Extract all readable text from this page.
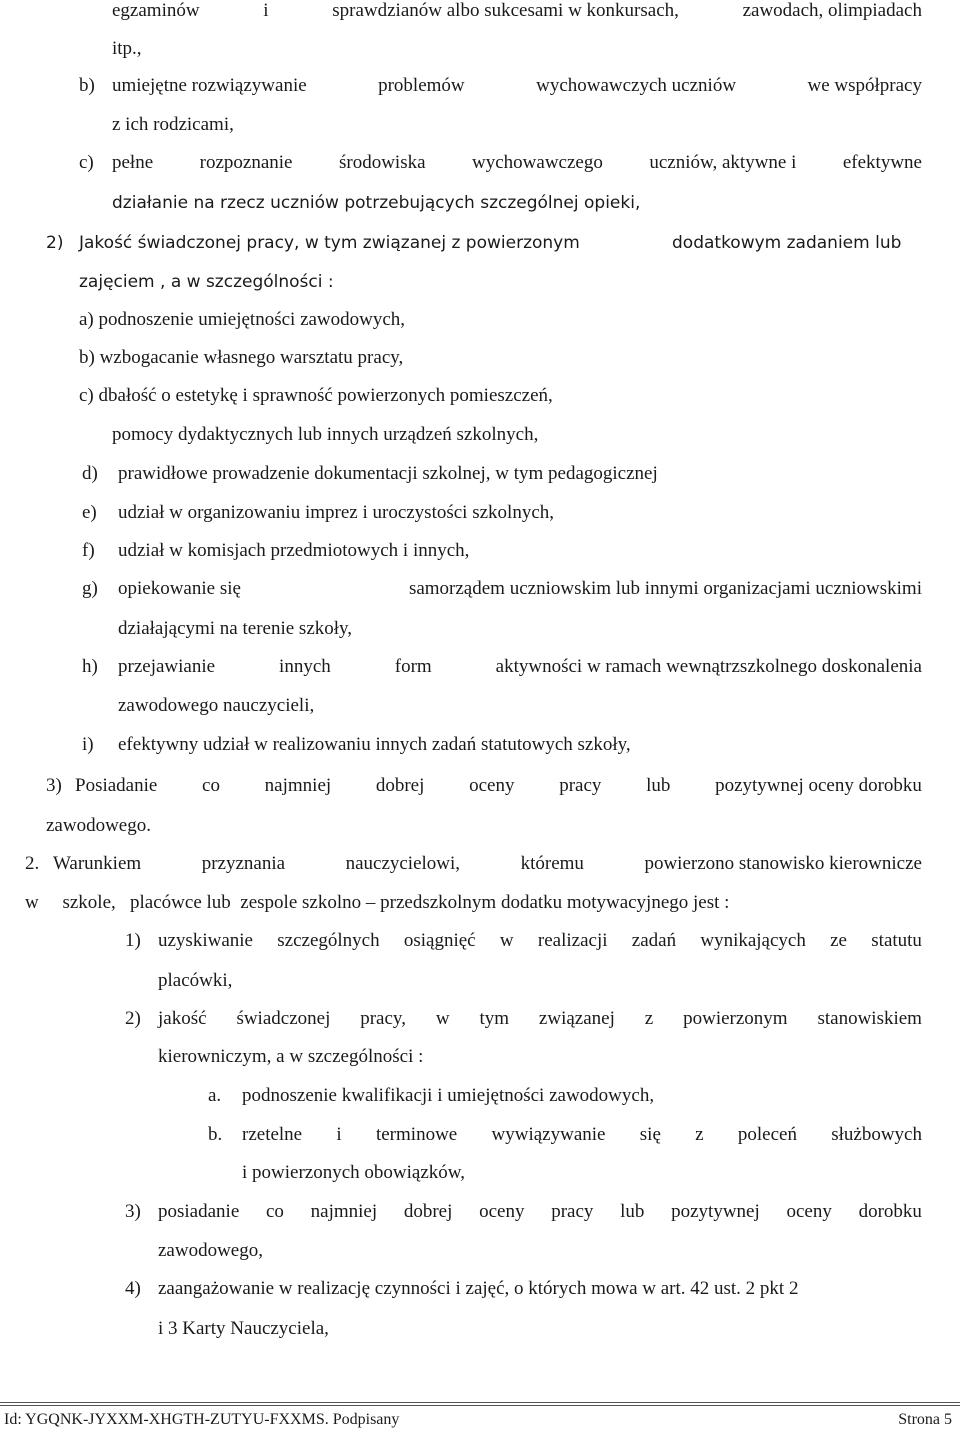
egzaminów	i	sprawdzianów albo sukcesami w konkursach,	zawodach, olimpiadach
itp.,
b) umiejętne rozwiązywanie	problemów	wychowawczych uczniów	we współpracy
z ich rodzicami,
c) pełne rozpoznanie środowiska wychowawczego uczniów, aktywne i efektywne
działanie na rzecz uczniów potrzebujących szczególnej opieki,
2) Jakość świadczonej pracy, w tym związanej z powierzonym	dodatkowym zadaniem lub
zajęciem , a w szczególności :
a) podnoszenie umiejętności zawodowych,
b) wzbogacanie własnego warsztatu pracy,
c) dbałość o estetykę i sprawność powierzonych pomieszczeń,
pomocy dydaktycznych lub innych urządzeń szkolnych,
d) prawidłowe prowadzenie dokumentacji szkolnej, w tym pedagogicznej
e) udział w organizowaniu imprez i uroczystości szkolnych,
f) udział w komisjach przedmiotowych i innych,
g) opiekowanie się	samorządem uczniowskim lub innymi organizacjami uczniowskimi
działającymi na terenie szkoły,
h) przejawianie	innych	form	aktywności w ramach wewnątrzszkolnego doskonalenia
zawodowego nauczycieli,
i) efektywny udział w realizowaniu innych zadań statutowych szkoły,
3) Posiadanie co najmniej dobrej oceny pracy lub pozytywnej oceny dorobku
zawodowego.
2. Warunkiem	przyznania	nauczycielowi,	któremu	powierzono stanowisko kierownicze
w szkole, placówce lub zespole szkolno – przedszkolnym dodatku motywacyjnego jest :
1) uzyskiwanie szczególnych osiągnięć w realizacji zadań wynikających ze statutu
placówki,
2) jakość świadczonej pracy, w tym związanej z powierzonym stanowiskiem
kierowniczym, a w szczególności :
a. podnoszenie kwalifikacji i umiejętności zawodowych,
b. rzetelne i terminowe wywiązywanie się z poleceń służbowych
i powierzonych obowiązków,
3) posiadanie co najmniej dobrej oceny pracy lub pozytywnej oceny dorobku
zawodowego,
4) zaangażowanie w realizację czynności i zajęć, o których mowa w art. 42 ust. 2 pkt 2
i 3 Karty Nauczyciela,
Id: YGQNK-JYXXM-XHGTH-ZUTYU-FXXMS. Podpisany	Strona 5
